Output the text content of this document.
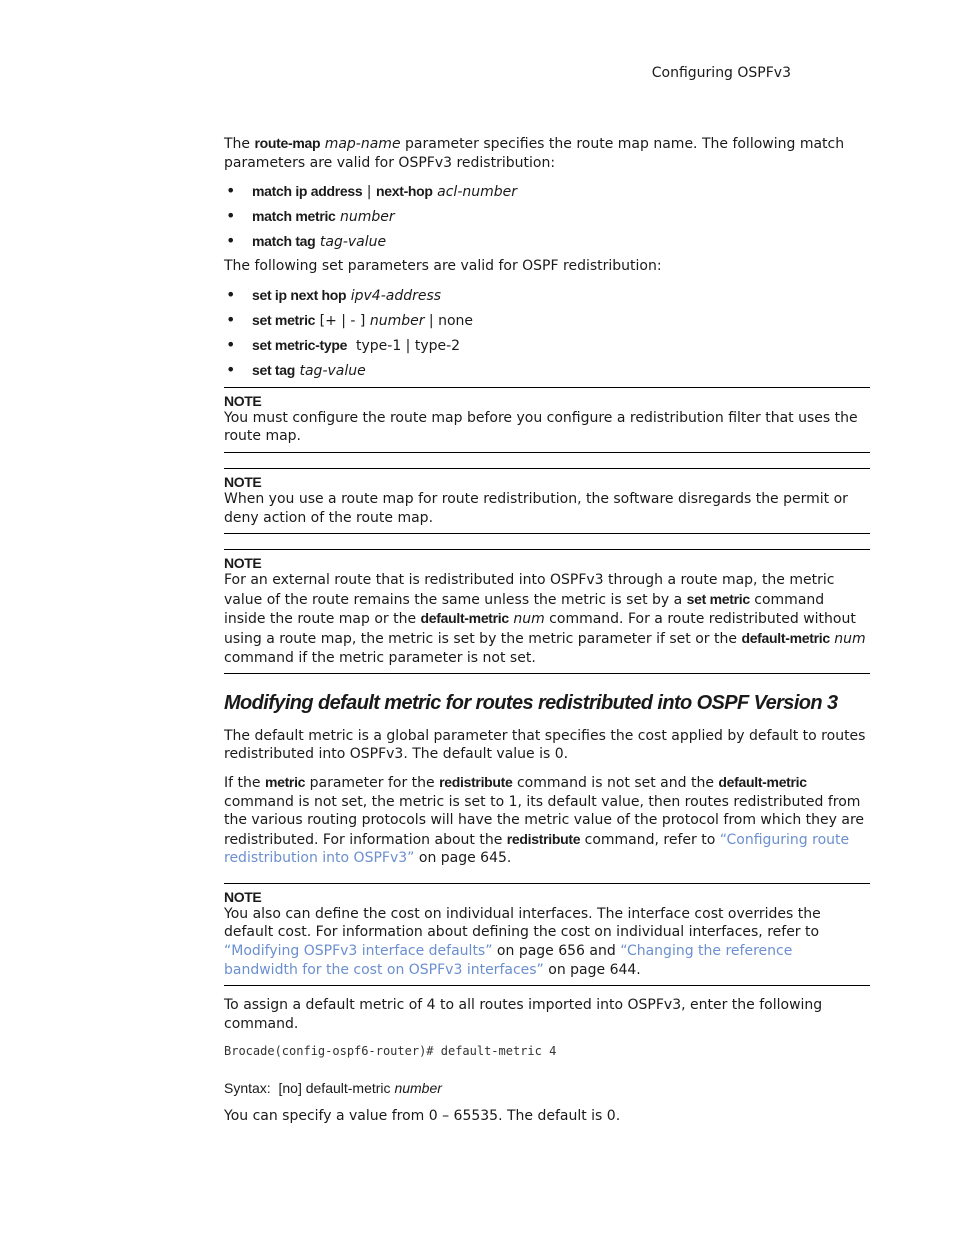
Configuring OSPFv3

The route-map map-name parameter specifies the route map name. The following match parameters are valid for OSPFv3 redistribution:

• match ip address | next-hop acl-number
• match metric number
• match tag tag-value

The following set parameters are valid for OSPF redistribution:

• set ip next hop ipv4-address
• set metric [+ | - ] number | none
• set metric-type  type-1 | type-2
• set tag tag-value
NOTE

You must configure the route map before you configure a redistribution filter that uses the route map.

NOTE

When you use a route map for route redistribution, the software disregards the permit or deny action of the route map.

NOTE

For an external route that is redistributed into OSPFv3 through a route map, the metric value of the route remains the same unless the metric is set by a set metric command inside the route map or the default-metric num command. For a route redistributed without using a route map, the metric is set by the metric parameter if set or the default-metric num command if the metric parameter is not set.

Modifying default metric for routes redistributed into OSPF Version 3

The default metric is a global parameter that specifies the cost applied by default to routes redistributed into OSPFv3. The default value is 0.

If the metric parameter for the redistribute command is not set and the default-metric command is not set, the metric is set to 1, its default value, then routes redistributed from the various routing protocols will have the metric value of the protocol from which they are redistributed. For information about the redistribute command, refer to “Configuring route redistribution into OSPFv3” on page 645.

NOTE

You also can define the cost on individual interfaces. The interface cost overrides the default cost. For information about defining the cost on individual interfaces, refer to “Modifying OSPFv3 interface defaults” on page 656 and “Changing the reference bandwidth for the cost on OSPFv3 interfaces” on page 644.

To assign a default metric of 4 to all routes imported into OSPFv3, enter the following command.

Brocade(config-ospf6-router)# default-metric 4

Syntax: [no] default-metric number

You can specify a value from 0 – 65535. The default is 0.
